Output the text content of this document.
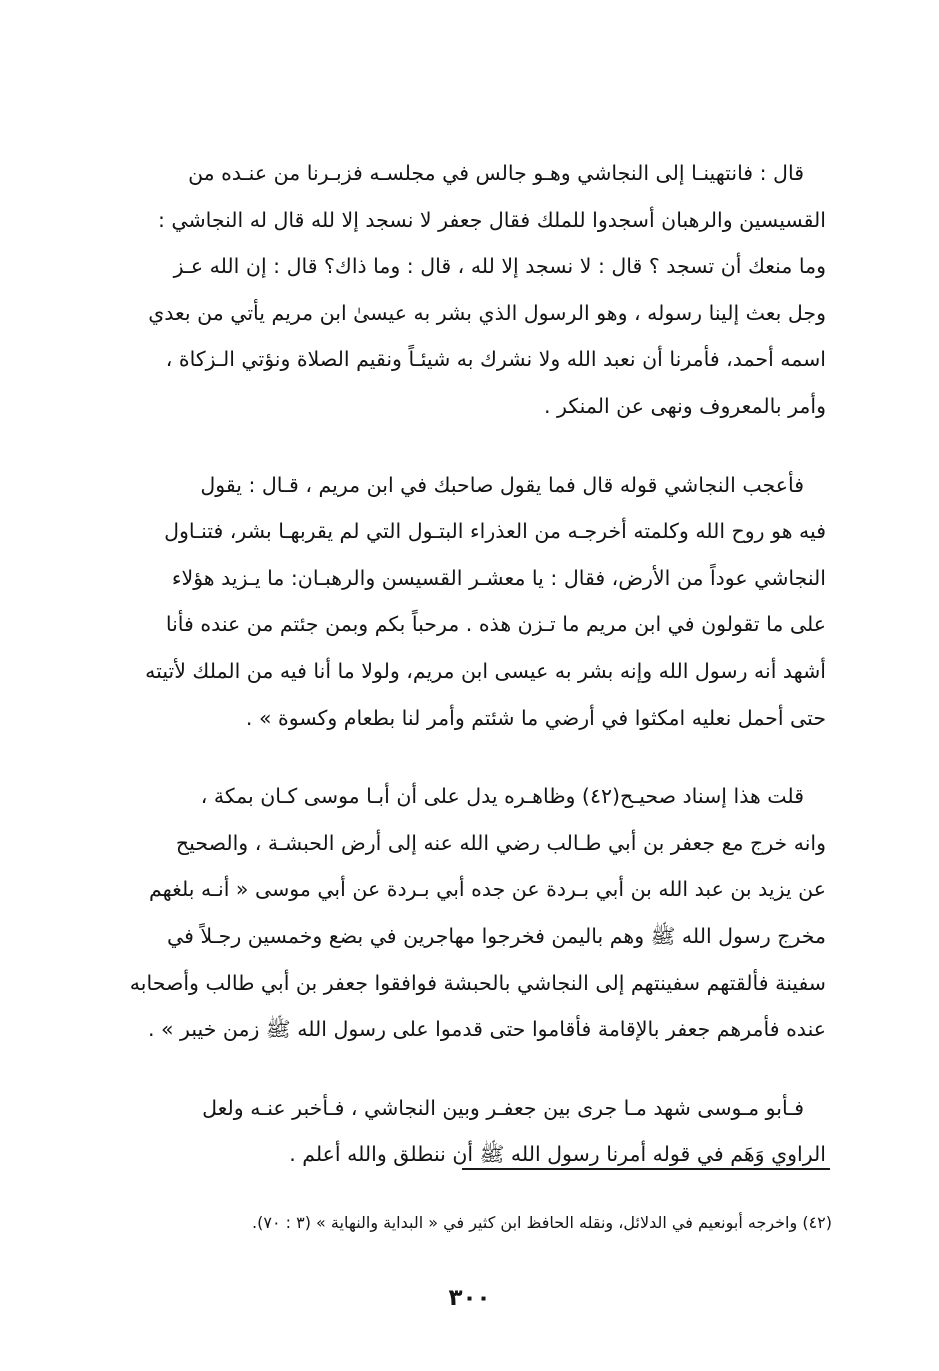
قال : فانتهينـا إلى النجاشي وهـو جالس في مجلسـه فزبـرنا من عنـده من
القسيسين والرهبان أسجدوا للملك فقال جعفر لا نسجد إلا لله قال له النجاشي :
وما منعك أن تسجد ؟ قال : لا نسجد إلا لله ، قال : وما ذاك؟ قال : إن الله عـز
وجل بعث إلينا رسوله ، وهو الرسول الذي بشر به عيسىٰ ابن مريم يأتي من بعدي
اسمه أحمد، فأمرنا أن نعبد الله ولا نشرك به شيئـاً ونقيم الصلاة ونؤتي الـزكاة ،
وأمر بالمعروف ونهى عن المنكر .

فأعجب النجاشي قوله قال فما يقول صاحبك في ابن مريم ، قـال : يقول
فيه هو روح الله وكلمته أخرجـه من العذراء البتـول التي لم يقربهـا بشر، فتنـاول
النجاشي عوداً من الأرض، فقال : يا معشـر القسيسن والرهبـان: ما يـزيد هؤلاء
على ما تقولون في ابن مريم ما تـزن هذه . مرحباً بكم وبمن جئتم من عنده فأنا
أشهد أنه رسول الله وإنه بشر به عيسى ابن مريم، ولولا ما أنا فيه من الملك لأتيته
حتى أحمل نعليه امكثوا في أرضي ما شئتم وأمر لنا بطعام وكسوة » .

قلت هذا إسناد صحيـح(٤٢) وظاهـره يدل على أن أبـا موسى كـان بمكة ،
وانه خرج مع جعفر بن أبي طـالب رضي الله عنه إلى أرض الحبشـة ، والصحيح
عن يزيد بن عبد الله بن أبي بـردة عن جده أبي بـردة عن أبي موسى « أنـه بلغهم
مخرج رسول الله ﷺ وهم باليمن فخرجوا مهاجرين في بضع وخمسين رجـلاً في
سفينة فألقتهم سفينتهم إلى النجاشي بالحبشة فوافقوا جعفر بن أبي طالب وأصحابه
عنده فأمرهم جعفر بالإقامة فأقاموا حتى قدموا على رسول الله ﷺ زمن خيبر » .

فـأبو مـوسى شهد مـا جرى بين جعفـر وبين النجاشي ، فـأخبر عنـه ولعل
الراوي وَهَم في قوله أمرنا رسول الله ﷺ أن ننطلق والله أعلم .

(٤٢) واخرجه أبونعيم في الدلائل، ونقله الحافظ ابن كثير في « البداية والنهاية » (٣ : ٧٠).
٣٠٠
